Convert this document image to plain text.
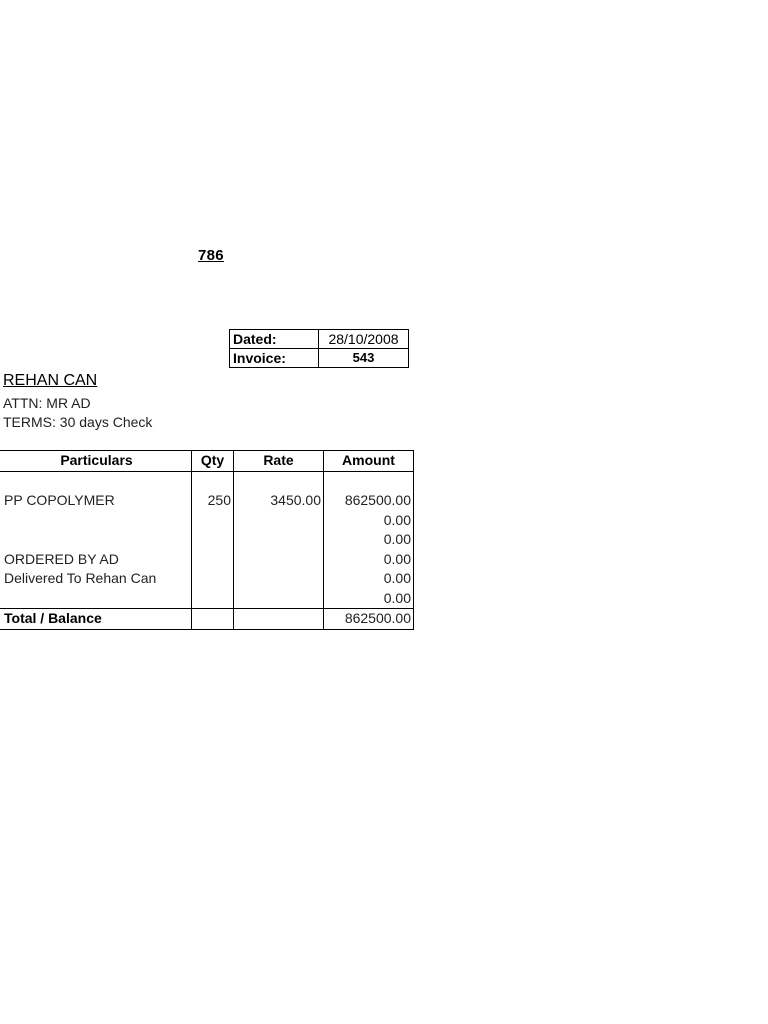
786
Dated:	28/10/2008
Invoice:	543
REHAN CAN
ATTN: MR AD
TERMS: 30 days Check
Particulars	Qty	Rate	Amount

PP COPOLYMER	250	3450.00	862500.00
			0.00
			0.00
ORDERED BY AD			0.00
Delivered To Rehan Can			0.00
			0.00
Total / Balance			862500.00
